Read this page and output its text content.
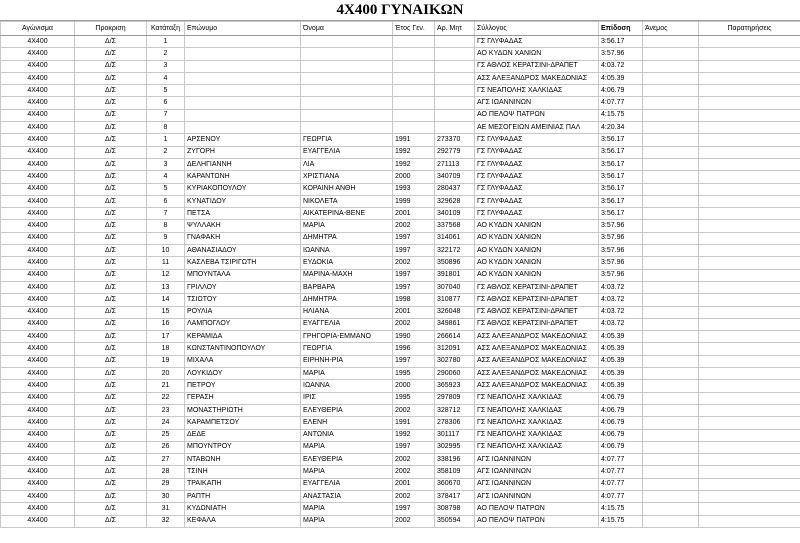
4Χ400 ΓΥΝΑΙΚΩΝ
Αγώνισμα	Προκριση	Κατάταξη	Επώνυμο	Όνομα	Έτος Γεν.	Αρ. Μητ	Σύλλογος	Επίδοση	Άνεμος	Παρατηρήσεις
4Χ400	Δ/Σ	1					ΓΣ ΓΛΥΦΑΔΑΣ	3:56.17		
4Χ400	Δ/Σ	2					ΑΟ ΚΥΔΩΝ ΧΑΝΙΩΝ	3:57.96		
4Χ400	Δ/Σ	3					ΓΣ ΑΘΛΟΣ ΚΕΡΑΤΣΙΝΙ-ΔΡΑΠΕΤ	4:03.72		
4Χ400	Δ/Σ	4					ΑΣΣ ΑΛΕΞΑΝΔΡΟΣ ΜΑΚΕΔΟΝΙΑΣ	4:05.39		
4Χ400	Δ/Σ	5					ΓΣ ΝΕΑΠΟΛΗΣ ΧΑΛΚΙΔΑΣ	4:06.79		
4Χ400	Δ/Σ	6					ΑΓΣ ΙΩΑΝΝΙΝΩΝ	4:07.77		
4Χ400	Δ/Σ	7					ΑΟ ΠΕΛΟΨ ΠΑΤΡΩΝ	4:15.75		
4Χ400	Δ/Σ	8					ΑΕ ΜΕΣΟΓΕΙΩΝ ΑΜΕΙΝΙΑΣ ΠΑΛ	4:20.34		
4Χ400	Δ/Σ	1	ΑΡΣΕΝΟΥ	ΓΕΩΡΓΙΑ	1991	273370	ΓΣ ΓΛΥΦΑΔΑΣ	3:56.17		
4Χ400	Δ/Σ	2	ΖΥΓΟΡΗ	ΕΥΑΓΓΕΛΙΑ	1992	292779	ΓΣ ΓΛΥΦΑΔΑΣ	3:56.17		
4Χ400	Δ/Σ	3	ΔΕΛΗΓΙΑΝΝΗ	ΛΙΑ	1992	271113	ΓΣ ΓΛΥΦΑΔΑΣ	3:56.17		
4Χ400	Δ/Σ	4	ΚΑΡΑΝΤΩΝΗ	ΧΡΙΣΤΙΑΝΑ	2000	340709	ΓΣ ΓΛΥΦΑΔΑΣ	3:56.17		
4Χ400	Δ/Σ	5	ΚΥΡΙΑΚΟΠΟΥΛΟΥ	ΚΟΡΑΙΝΗ ΑΝΘΗ	1993	280437	ΓΣ ΓΛΥΦΑΔΑΣ	3:56.17		
4Χ400	Δ/Σ	6	ΚΥΝΑΤΙΔΟΥ	ΝΙΚΟΛΕΤΑ	1999	329628	ΓΣ ΓΛΥΦΑΔΑΣ	3:56.17		
4Χ400	Δ/Σ	7	ΠΕΤΣΑ	ΑΙΚΑΤΕΡΙΝΑ-ΒΕΝΕ	2001	340109	ΓΣ ΓΛΥΦΑΔΑΣ	3:56.17		
4Χ400	Δ/Σ	8	ΨΥΛΛΑΚΗ	ΜΑΡΙΑ	2002	337568	ΑΟ ΚΥΔΩΝ ΧΑΝΙΩΝ	3:57.96		
4Χ400	Δ/Σ	9	ΓΝΑΦΑΚΗ	ΔΗΜΗΤΡΑ	1997	314061	ΑΟ ΚΥΔΩΝ ΧΑΝΙΩΝ	3:57.96		
4Χ400	Δ/Σ	10	ΑΘΑΝΑΣΙΑΔΟΥ	ΙΩΑΝΝΑ	1997	322172	ΑΟ ΚΥΔΩΝ ΧΑΝΙΩΝ	3:57.96		
4Χ400	Δ/Σ	11	ΚΑΣΛΕΒΑ ΤΣΙΡΙΓΩΤΗ	ΕΥΔΟΚΙΑ	2002	350896	ΑΟ ΚΥΔΩΝ ΧΑΝΙΩΝ	3:57.96		
4Χ400	Δ/Σ	12	ΜΠΟΥΝΤΑΛΑ	ΜΑΡΙΝΑ-ΜΑΧΗ	1997	391801	ΑΟ ΚΥΔΩΝ ΧΑΝΙΩΝ	3:57.96		
4Χ400	Δ/Σ	13	ΓΡΙΛΛΟΥ	ΒΑΡΒΑΡΑ	1997	307040	ΓΣ ΑΘΛΟΣ ΚΕΡΑΤΣΙΝΙ-ΔΡΑΠΕΤ	4:03.72		
4Χ400	Δ/Σ	14	ΤΣΙΩΤΟΥ	ΔΗΜΗΤΡΑ	1998	310877	ΓΣ ΑΘΛΟΣ ΚΕΡΑΤΣΙΝΙ-ΔΡΑΠΕΤ	4:03.72		
4Χ400	Δ/Σ	15	ΡΟΥΛΙΑ	ΗΛΙΑΝΑ	2001	326048	ΓΣ ΑΘΛΟΣ ΚΕΡΑΤΣΙΝΙ-ΔΡΑΠΕΤ	4:03.72		
4Χ400	Δ/Σ	16	ΛΑΜΠΟΓΛΟΥ	ΕΥΑΓΓΕΛΙΑ	2002	349861	ΓΣ ΑΘΛΟΣ ΚΕΡΑΤΣΙΝΙ-ΔΡΑΠΕΤ	4:03.72		
4Χ400	Δ/Σ	17	ΚΕΡΑΜΙΔΑ	ΓΡΗΓΟΡΙΑ-ΕΜΜΑΝΟ	1990	266614	ΑΣΣ ΑΛΕΞΑΝΔΡΟΣ ΜΑΚΕΔΟΝΙΑΣ	4:05.39		
4Χ400	Δ/Σ	18	ΚΩΝΣΤΑΝΤΙΝΟΠΟΥΛΟΥ	ΓΕΩΡΓΙΑ	1996	312091	ΑΣΣ ΑΛΕΞΑΝΔΡΟΣ ΜΑΚΕΔΟΝΙΑΣ	4:05.39		
4Χ400	Δ/Σ	19	ΜΙΧΑΛΑ	ΕΙΡΗΝΗ-ΡΙΑ	1997	302780	ΑΣΣ ΑΛΕΞΑΝΔΡΟΣ ΜΑΚΕΔΟΝΙΑΣ	4:05.39		
4Χ400	Δ/Σ	20	ΛΟΥΚΙΔΟΥ	ΜΑΡΙΑ	1995	290060	ΑΣΣ ΑΛΕΞΑΝΔΡΟΣ ΜΑΚΕΔΟΝΙΑΣ	4:05.39		
4Χ400	Δ/Σ	21	ΠΕΤΡΟΥ	ΙΩΑΝΝΑ	2000	365923	ΑΣΣ ΑΛΕΞΑΝΔΡΟΣ ΜΑΚΕΔΟΝΙΑΣ	4:05.39		
4Χ400	Δ/Σ	22	ΓΕΡΑΣΗ	ΙΡΙΣ	1995	297809	ΓΣ ΝΕΑΠΟΛΗΣ ΧΑΛΚΙΔΑΣ	4:06.79		
4Χ400	Δ/Σ	23	ΜΟΝΑΣΤΗΡΙΩΤΗ	ΕΛΕΥΘΕΡΙΑ	2002	328712	ΓΣ ΝΕΑΠΟΛΗΣ ΧΑΛΚΙΔΑΣ	4:06.79		
4Χ400	Δ/Σ	24	ΚΑΡΑΜΠΕΤΣΟΥ	ΕΛΕΝΗ	1991	278306	ΓΣ ΝΕΑΠΟΛΗΣ ΧΑΛΚΙΔΑΣ	4:06.79		
4Χ400	Δ/Σ	25	ΔΕΔΕ	ΑΝΤΩΝΙΑ	1992	301117	ΓΣ ΝΕΑΠΟΛΗΣ ΧΑΛΚΙΔΑΣ	4:06.79		
4Χ400	Δ/Σ	26	ΜΠΟΥΝΤΡΟΥ	ΜΑΡΙΑ	1997	302995	ΓΣ ΝΕΑΠΟΛΗΣ ΧΑΛΚΙΔΑΣ	4:06.79		
4Χ400	Δ/Σ	27	ΝΤΑΒΩΝΗ	ΕΛΕΥΘΕΡΙΑ	2002	338196	ΑΓΣ ΙΩΑΝΝΙΝΩΝ	4:07.77		
4Χ400	Δ/Σ	28	ΤΣΙΝΗ	ΜΑΡΙΑ	2002	358109	ΑΓΣ ΙΩΑΝΝΙΝΩΝ	4:07.77		
4Χ400	Δ/Σ	29	ΤΡΑΙΚΑΠΗ	ΕΥΑΓΓΕΛΙΑ	2001	360670	ΑΓΣ ΙΩΑΝΝΙΝΩΝ	4:07.77		
4Χ400	Δ/Σ	30	ΡΑΠΤΗ	ΑΝΑΣΤΑΣΙΑ	2002	378417	ΑΓΣ ΙΩΑΝΝΙΝΩΝ	4:07.77		
4Χ400	Δ/Σ	31	ΚΥΔΩΝΙΑΤΗ	ΜΑΡΙΑ	1997	308798	ΑΟ ΠΕΛΟΨ ΠΑΤΡΩΝ	4:15.75		
4Χ400	Δ/Σ	32	ΚΕΦΑΛΑ	ΜΑΡΙΑ	2002	350594	ΑΟ ΠΕΛΟΨ ΠΑΤΡΩΝ	4:15.75		
